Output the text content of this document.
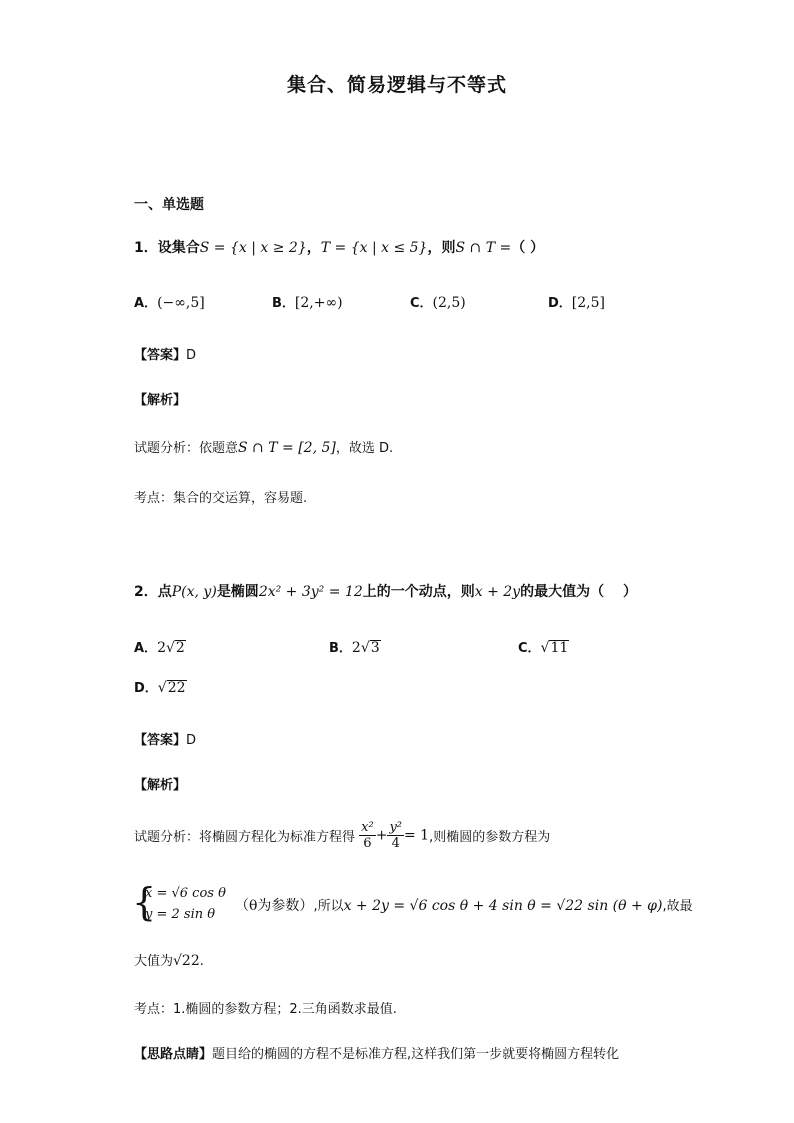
集合、简易逻辑与不等式
一、单选题
1．设集合S = {x | x ≥ 2}，T = {x | x ≤ 5}，则S ∩ T =（ ）
A．(−∞,5]	B．[2,+∞)	C．(2,5)	D．[2,5]
【答案】D
【解析】
试题分析：依题意S ∩ T = [2, 5]，故选 D.
考点：集合的交运算，容易题.
2．点P(x, y)是椭圆2x² + 3y² = 12上的一个动点，则x + 2y的最大值为（　 ）
A．2√2	B．2√3	C．√11
D．√22
【答案】D
【解析】
试题分析：将椭圆方程化为标准方程得 $\frac{\text{x²}}{6} + \frac{\text{y²}}{4} = 1$,则椭圆的参数方程为
{
x = √6 cos θ
y = 2 sin θ
（θ为参数）,所以x + 2y = √6 cos θ + 4 sin θ = √22 sin (θ + φ),故最
大值为√22.
考点：1.椭圆的参数方程；2.三角函数求最值.
【思路点睛】题目给的椭圆的方程不是标准方程,这样我们第一步就要将椭圆方程转化
